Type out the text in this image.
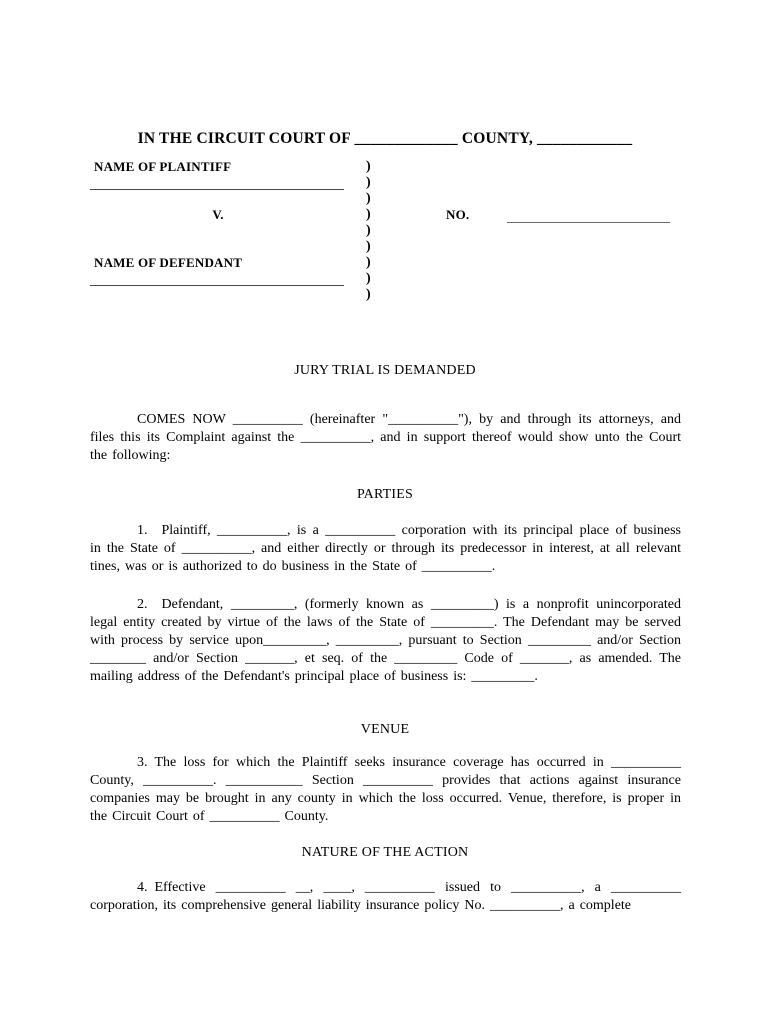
IN THE CIRCUIT COURT OF _____________ COUNTY, ____________
NAME OF PLAINTIFF	)
)
)
V.	)	NO.
)
)
NAME OF DEFENDANT	)
)
)
JURY TRIAL IS DEMANDED

COMES NOW __________ (hereinafter "__________"), by and through its attorneys, and files this its Complaint against the __________, and in support thereof would show unto the Court the following:

PARTIES

1. Plaintiff, __________, is a __________ corporation with its principal place of business in the State of __________, and either directly or through its predecessor in interest, at all relevant tines, was or is authorized to do business in the State of __________.

2. Defendant, _________, (formerly known as _________) is a nonprofit unincorporated legal entity created by virtue of the laws of the State of _________. The Defendant may be served with process by service upon_________, _________, pursuant to Section _________ and/or Section ________ and/or Section _______, et seq. of the _________ Code of _______, as amended. The mailing address of the Defendant's principal place of business is: _________.

VENUE

3. The loss for which the Plaintiff seeks insurance coverage has occurred in __________ County, __________. ___________ Section __________ provides that actions against insurance companies may be brought in any county in which the loss occurred. Venue, therefore, is proper in the Circuit Court of __________ County.

NATURE OF THE ACTION

4. Effective __________ __, ____, __________ issued to __________, a __________ corporation, its comprehensive general liability insurance policy No. __________, a complete
